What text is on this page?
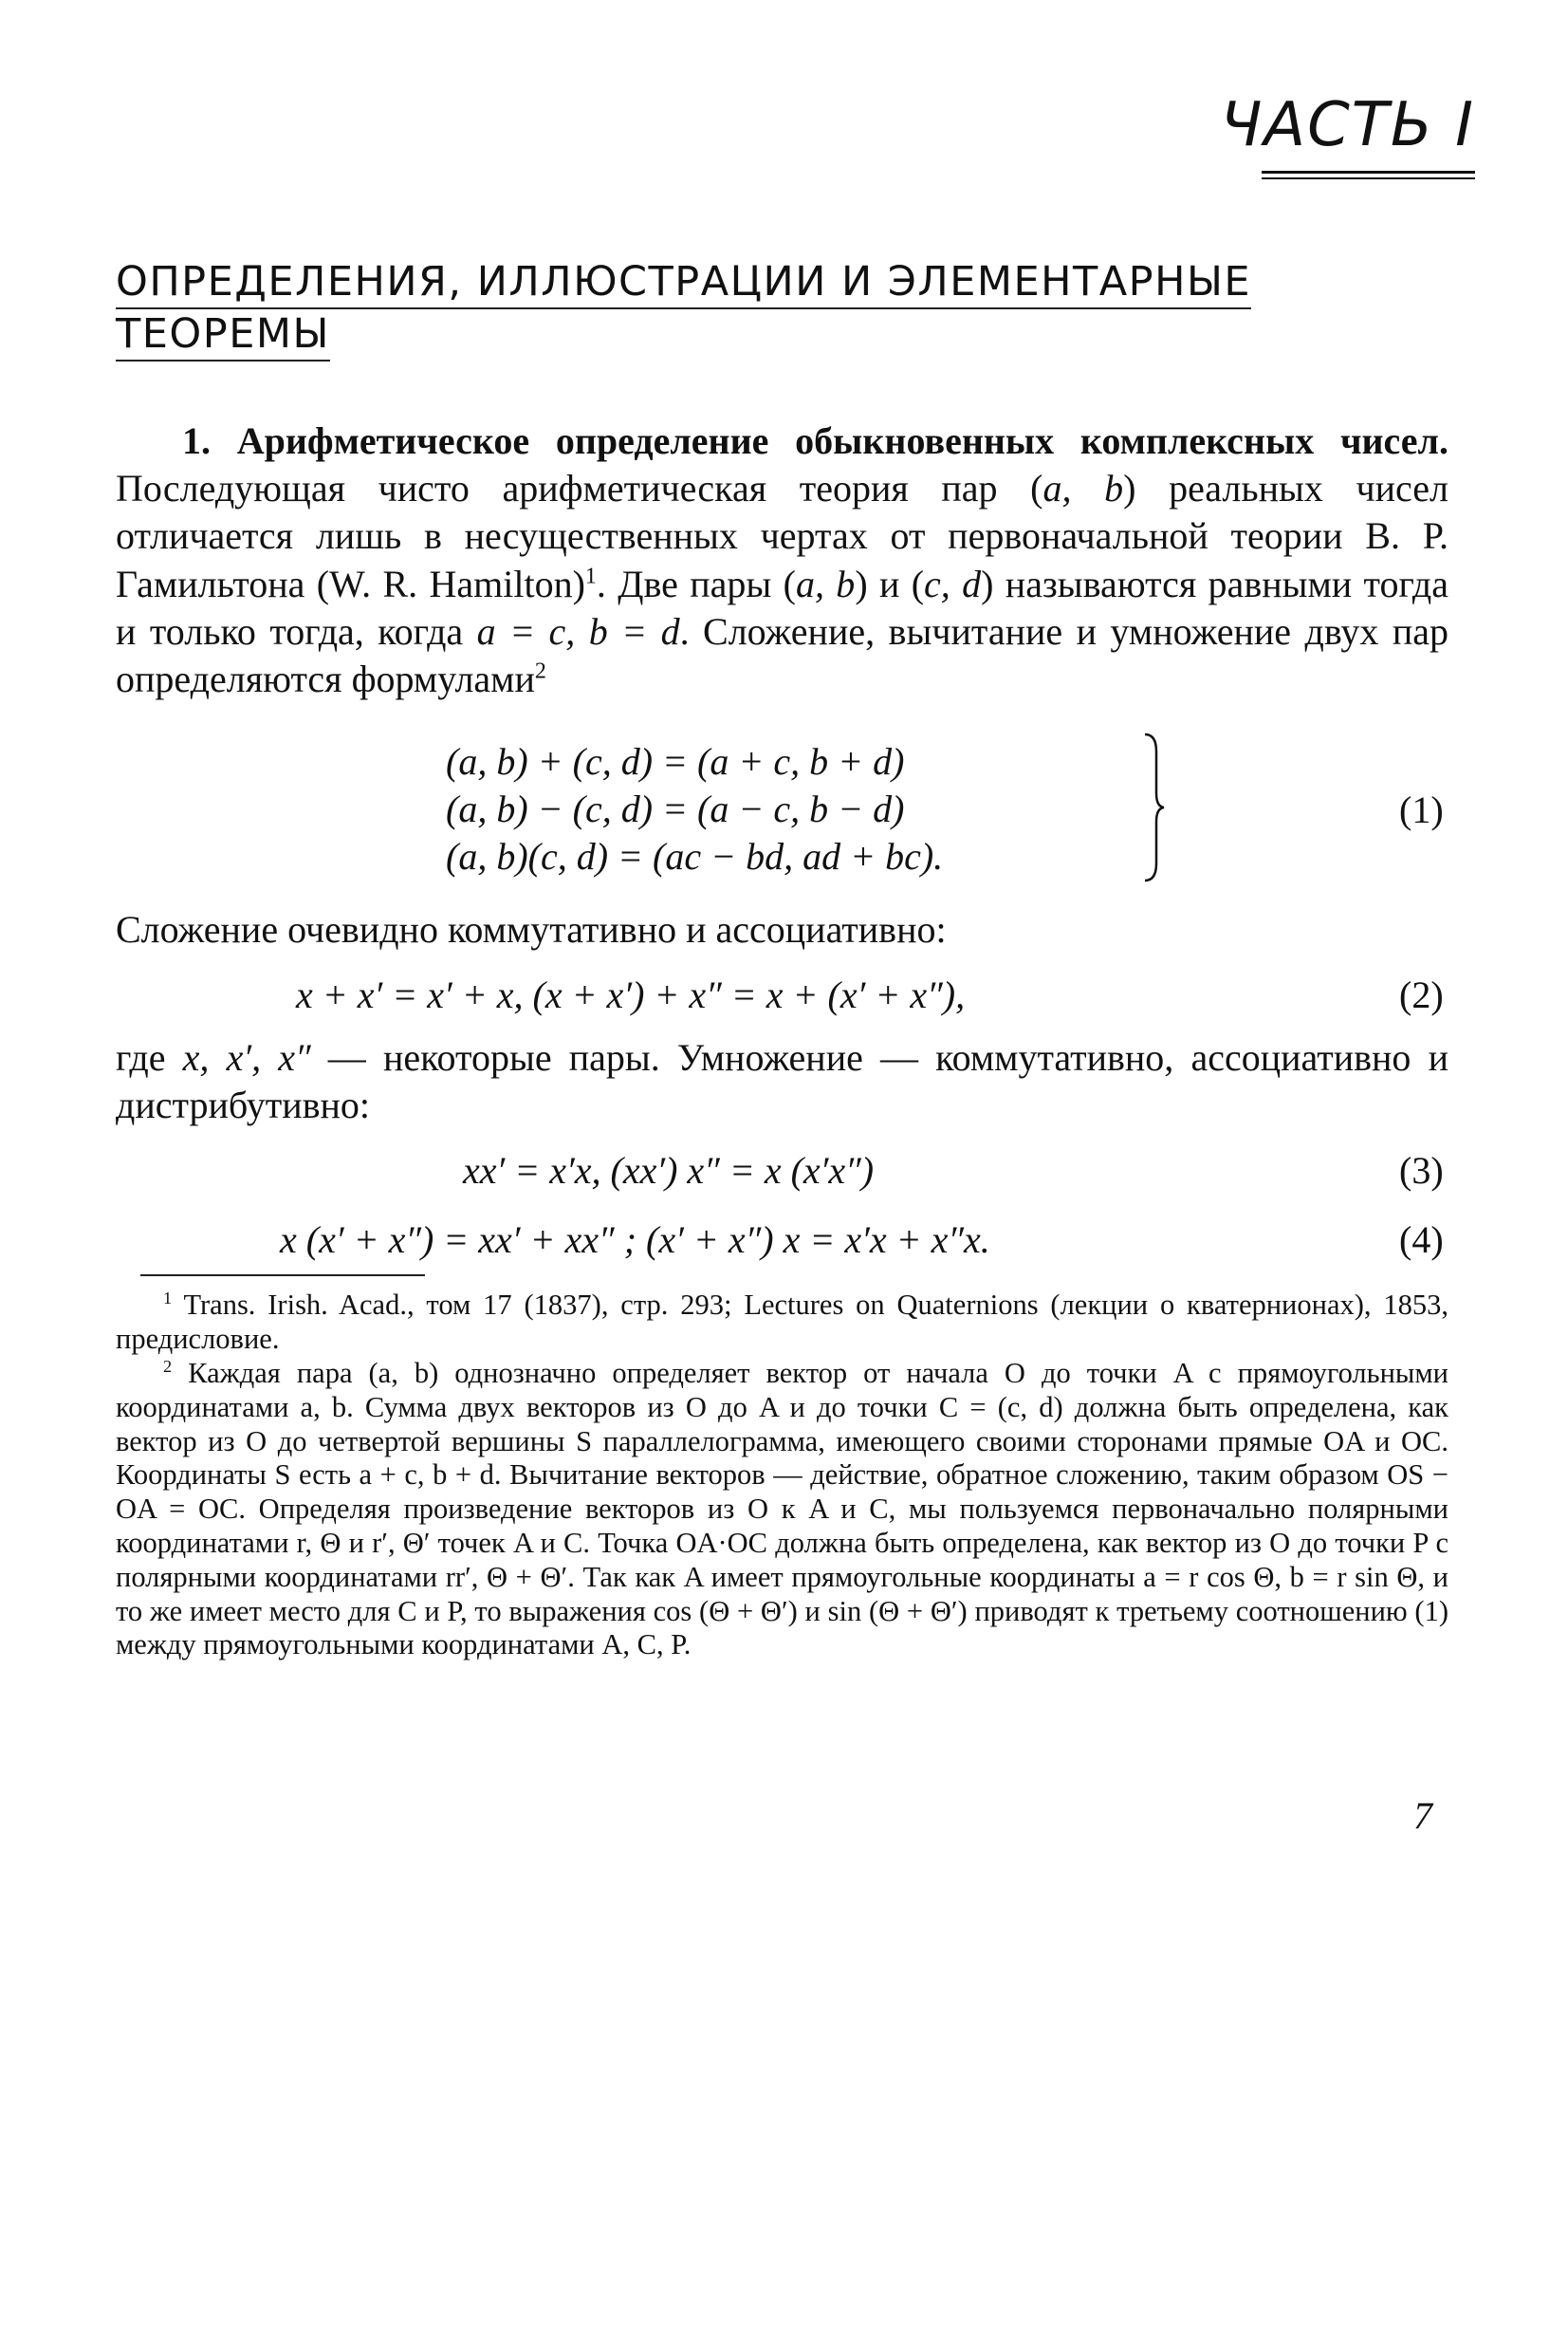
ЧАСТЬ I
ОПРЕДЕЛЕНИЯ, ИЛЛЮСТРАЦИИ И ЭЛЕМЕНТАРНЫЕ
ТЕОРЕМЫ

1. Арифметическое определение обыкновенных комплексных чисел. Последующая чисто арифметическая теория пар (a, b) реальных чисел отличается лишь в несущественных чертах от первоначальной теории В. Р. Гамильтона (W. R. Hamilton)$^1$. Две пары (a, b) и (c, d) называются равными тогда и только тогда, когда a = c, b = d. Сложение, вычитание и умножение двух пар определяются формулами$^2$

(a, b) + (c, d) = (a + c, b + d)
(a, b) − (c, d) = (a − c, b − d)
(a, b)(c, d) = (ac − bd, ad + bc).
(1)
Сложение очевидно коммутативно и ассоциативно:
x + x′ = x′ + x, (x + x′) + x″ = x + (x′ + x″),	(2)

где x, x′, x″ — некоторые пары. Умножение — коммутативно, ассоциативно и дистрибутивно:

xx′ = x′x, (xx′) x″ = x (x′x″)	(3)
x (x′ + x″) = xx′ + xx″ ; (x′ + x″) x = x′x + x″x.	(4)

$^1$ Trans. Irish. Acad., том 17 (1837), стр. 293; Lectures on Quaternions (лекции о кватернионах), 1853, предисловие.

$^2$ Каждая пара (a, b) однозначно определяет вектор от начала O до точки A с прямоугольными координатами a, b. Сумма двух векторов из O до A и до точки C = (c, d) должна быть определена, как вектор из O до четвертой вершины S параллелограмма, имеющего своими сторонами прямые OA и OC. Координаты S есть a + c, b + d. Вычитание векторов — действие, обратное сложению, таким образом OS − OA = OC. Определяя произведение векторов из O к A и C, мы пользуемся первоначально полярными координатами r, Θ и r′, Θ′ точек A и C. Точка OA·OC должна быть определена, как вектор из O до точки P с полярными координатами rr′, Θ + Θ′. Так как A имеет прямоугольные координаты a = r cos Θ, b = r sin Θ, и то же имеет место для C и P, то выражения cos (Θ + Θ′) и sin (Θ + Θ′) приводят к третьему соотношению (1) между прямоугольными координатами A, C, P.

7
